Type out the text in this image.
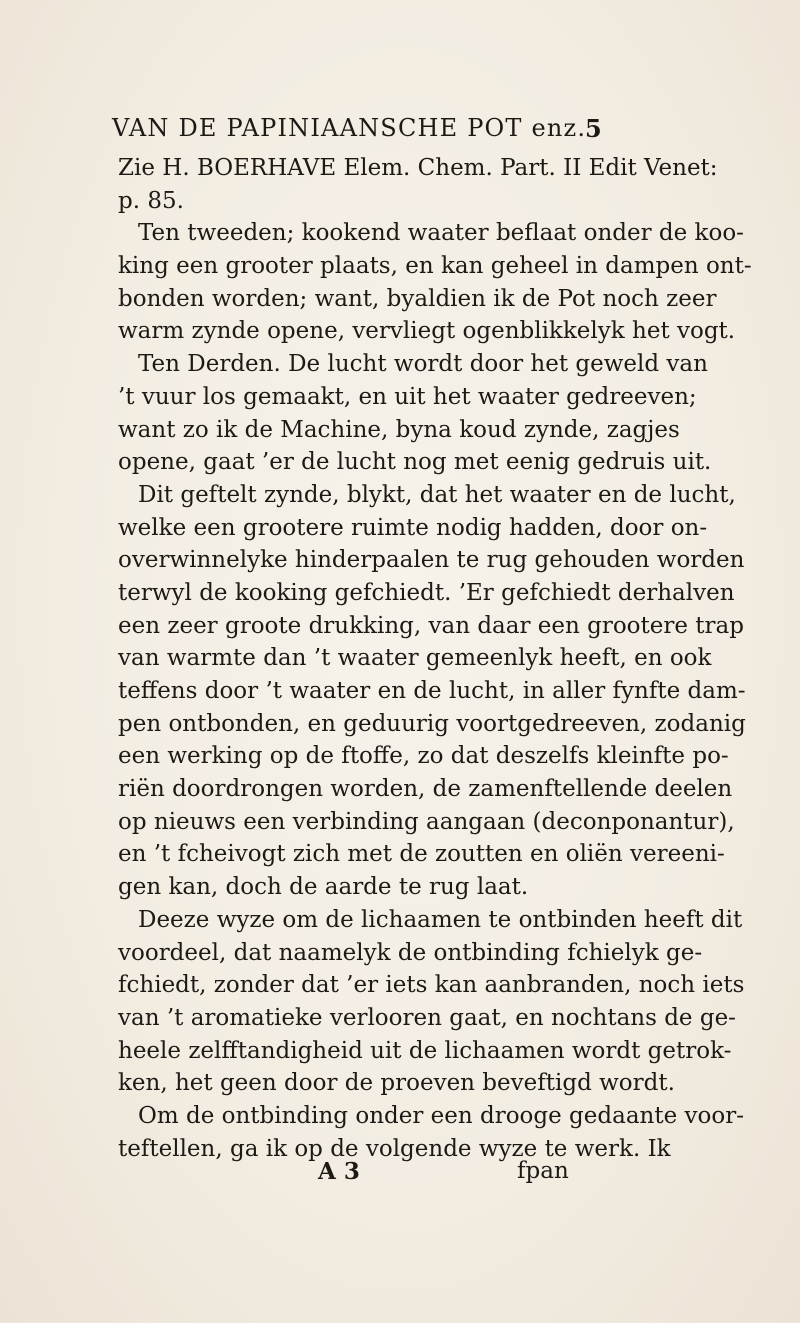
VAN DE PAPINIAANSCHE POT enz.
5
Zie H. BOERHAVE Elem. Chem. Part. II Edit Venet:
p. 85.
Ten tweeden; kookend waater beflaat onder de koo-
king een grooter plaats, en kan geheel in dampen ont-
bonden worden; want, byaldien ik de Pot noch zeer
warm zynde opene, vervliegt ogenblikkelyk het vogt.
Ten Derden. De lucht wordt door het geweld van
’t vuur los gemaakt, en uit het waater gedreeven;
want zo ik de Machine, byna koud zynde, zagjes
opene, gaat ’er de lucht nog met eenig gedruis uit.
Dit geftelt zynde, blykt, dat het waater en de lucht,
welke een grootere ruimte nodig hadden, door on-
overwinnelyke hinderpaalen te rug gehouden worden
terwyl de kooking gefchiedt. ’Er gefchiedt derhalven
een zeer groote drukking, van daar een grootere trap
van warmte dan ’t waater gemeenlyk heeft, en ook
teffens door ’t waater en de lucht, in aller fynfte dam-
pen ontbonden, en geduurig voortgedreeven, zodanig
een werking op de ftoffe, zo dat deszelfs kleinfte po-
riën doordrongen worden, de zamenftellende deelen
op nieuws een verbinding aangaan (deconponantur),
en ’t fcheivogt zich met de zoutten en oliën vereeni-
gen kan, doch de aarde te rug laat.
Deeze wyze om de lichaamen te ontbinden heeft dit
voordeel, dat naamelyk de ontbinding fchielyk ge-
fchiedt, zonder dat ’er iets kan aanbranden, noch iets
van ’t aromatieke verlooren gaat, en nochtans de ge-
heele zelfftandigheid uit de lichaamen wordt getrok-
ken, het geen door de proeven beveftigd wordt.
Om de ontbinding onder een drooge gedaante voor-
teftellen, ga ik op de volgende wyze te werk. Ik
A 3	fpan
